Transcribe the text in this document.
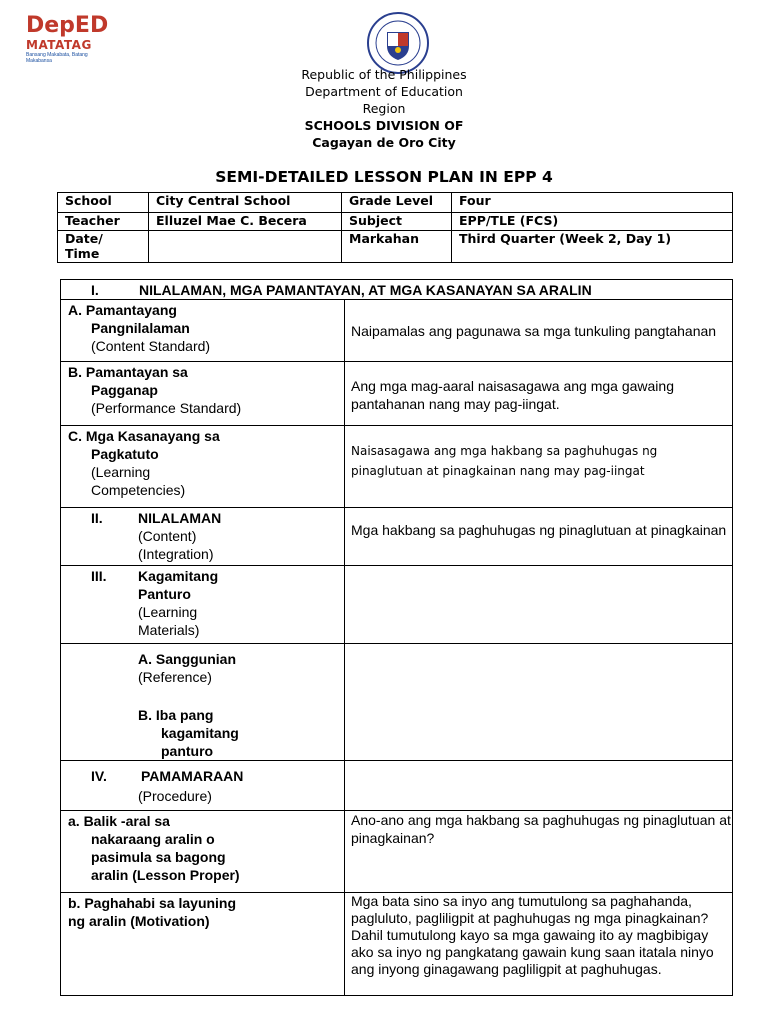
DepED
MATATAG
Bansang Makabata, Batang Makabansa
Republic of the Philippines
Department of Education
Region
SCHOOLS DIVISION OF
Cagayan de Oro City
SEMI-DETAILED LESSON PLAN IN EPP 4
School	City Central School	Grade Level	Four
Teacher	Elluzel Mae C. Becera	Subject	EPP/TLE (FCS)

Date/
Time		Markahan	Third Quarter (Week 2, Day 1)
I. NILALAMAN, MGA PAMANTAYAN, AT MGA KASANAYAN SA ARALIN	

A. Pamantayang
Pangnilalaman
(Content Standard)	Naipamalas ang pagunawa sa mga tunkuling pangtahanan

B. Pamantayan sa
Pagganap
(Performance Standard)	Ang mga mag-aaral naisasagawa ang mga gawaing pantahanan nang may pag-iingat.

C. Mga Kasanayang sa
Pagkatuto
(Learning
Competencies)	Naisasagawa ang mga hakbang sa paghuhugas ng pinaglutuan at pinagkainan nang may pag-iingat

II. NILALAMAN
(Content)
(Integration)	Mga hakbang sa paghuhugas ng pinaglutuan at pinagkainan

III. Kagamitang
Panturo
(Learning
Materials)	

A. Sanggunian
(Reference)
B. Iba pang
kagamitang
panturo	

IV. PAMAMARAAN
(Procedure)	

a. Balik -aral sa
nakaraang aralin o
pasimula sa bagong
aralin (Lesson Proper)	Ano-ano ang mga hakbang sa paghuhugas ng pinaglutuan at pinagkainan?

b. Paghahabi sa layuning
ng aralin (Motivation)	Mga bata sino sa inyo ang tumutulong sa paghahanda, pagluluto, pagliligpit at paghuhugas ng mga pinagkainan? Dahil tumutulong kayo sa mga gawaing ito ay magbibigay ako sa inyo ng pangkatang gawain kung saan itatala ninyo ang inyong ginagawang pagliligpit at paghuhugas.
